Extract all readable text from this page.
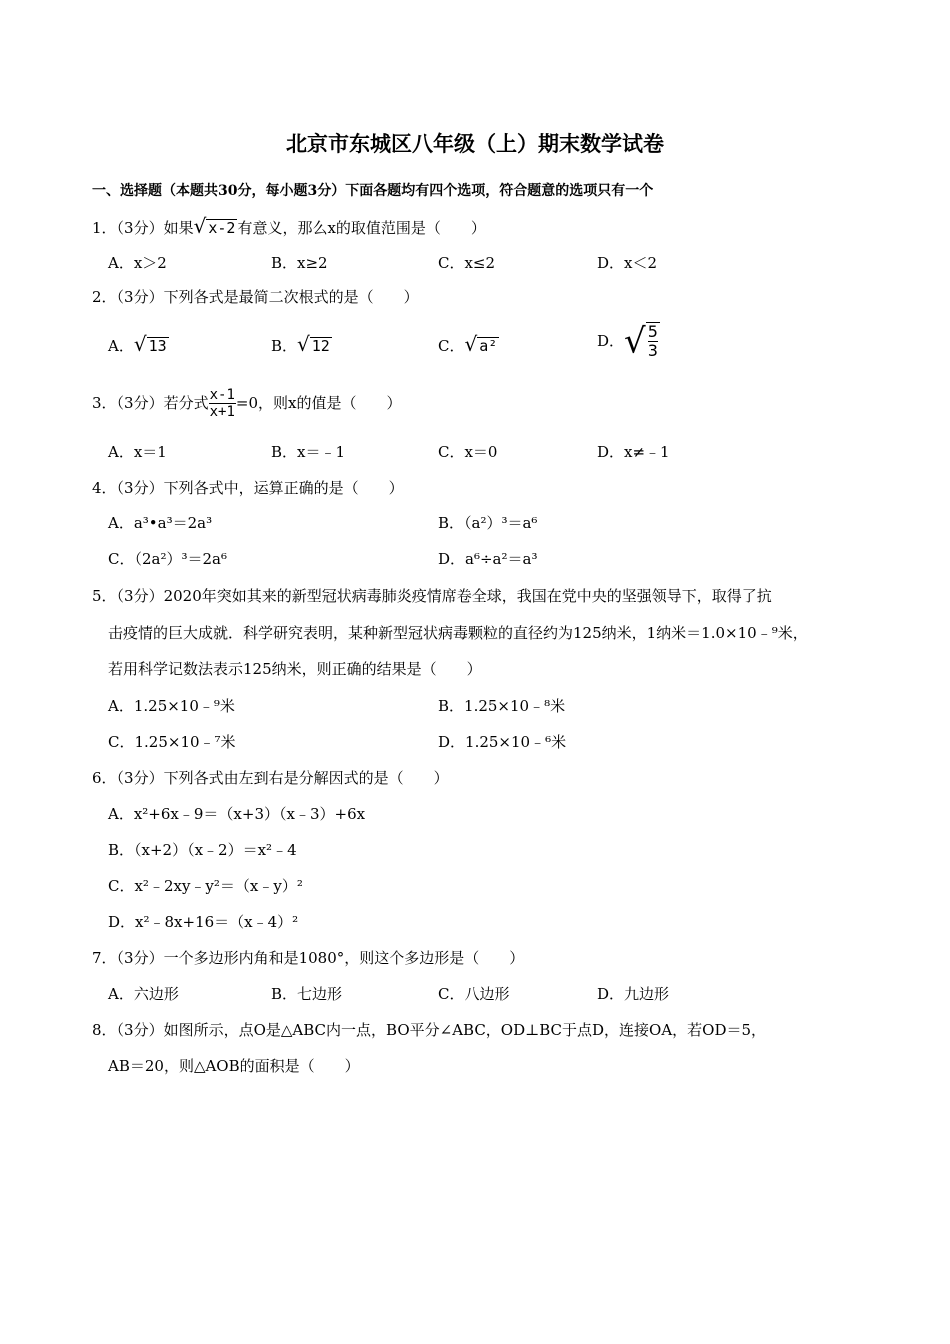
北京市东城区八年级（上）期末数学试卷
一、选择题（本题共30分，每小题3分）下面各题均有四个选项，符合题意的选项只有一个
1．（3分）如果√ x-2 有意义，那么x的取值范围是（　　）
A．x＞2	B．x≥2	C．x≤2	D．x＜2
2．（3分）下列各式是最简二次根式的是（　　）
A．√ 13	B．√ 12	C．√ a²	D．√ $\frac{5}{3}$
3．（3分）若分式 $\frac{x-1}{x+1} =0$，则x的值是（　　）
A．x＝1	B．x＝﹣1	C．x＝0	D．x≠﹣1
4．（3分）下列各式中，运算正确的是（　　）
A．a³•a³＝2a³	B．（a²）³＝a⁶
C．（2a²）³＝2a⁶	D．a⁶÷a²＝a³
5．（3分）2020年突如其来的新型冠状病毒肺炎疫情席卷全球，我国在党中央的坚强领导下，取得了抗
击疫情的巨大成就．科学研究表明，某种新型冠状病毒颗粒的直径约为125纳米，1纳米＝1.0×10﹣⁹米，
若用科学记数法表示125纳米，则正确的结果是（　　）
A．1.25×10﹣⁹米	B．1.25×10﹣⁸米
C．1.25×10﹣⁷米	D．1.25×10﹣⁶米
6．（3分）下列各式由左到右是分解因式的是（　　）
A．x²+6x﹣9＝（x+3）（x﹣3）+6x
B．（x+2）（x﹣2）＝x²﹣4
C．x²﹣2xy﹣y²＝（x﹣y）²
D．x²﹣8x+16＝（x﹣4）²
7．（3分）一个多边形内角和是1080°，则这个多边形是（　　）
A．六边形	B．七边形	C．八边形	D．九边形
8．（3分）如图所示，点O是△ABC内一点，BO平分∠ABC，OD⊥BC于点D，连接OA，若OD＝5，
AB＝20，则△AOB的面积是（　　）
